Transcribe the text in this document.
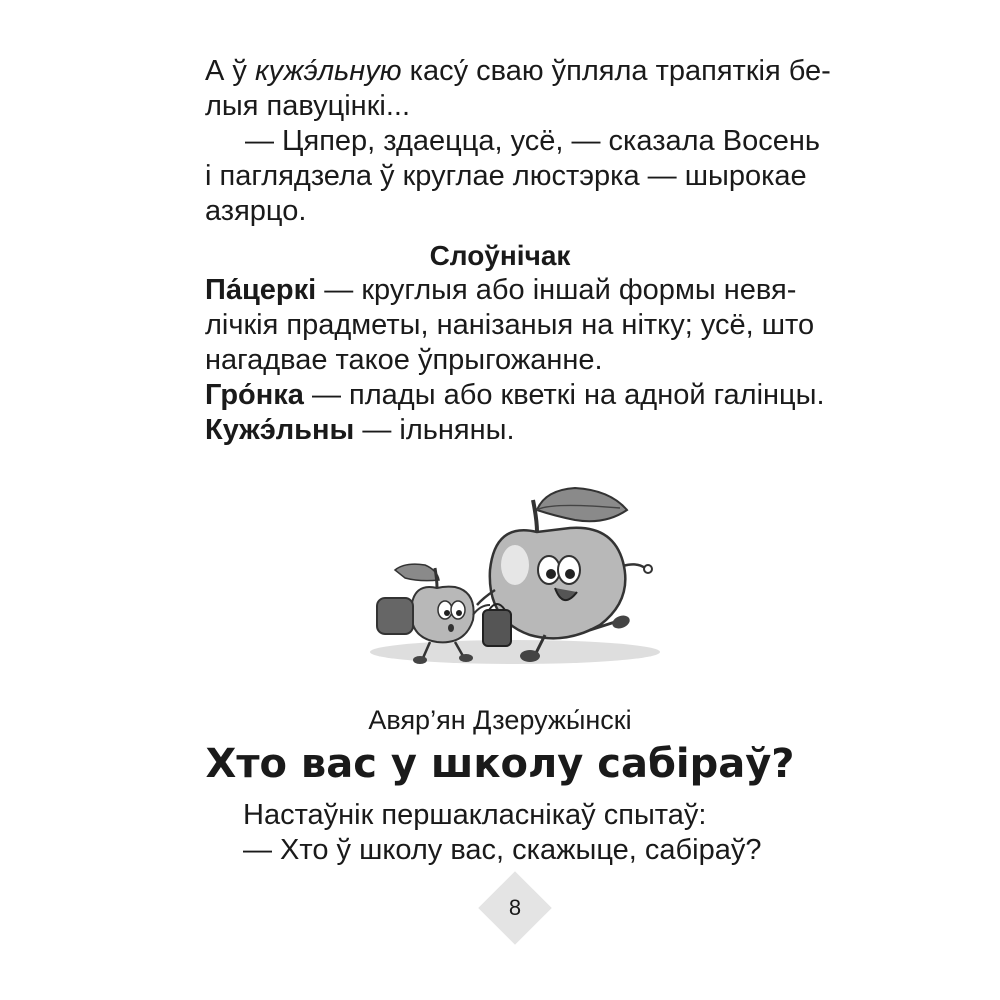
А ў кужэ́льную касу́ сваю ўпляла трапяткія бе-

лыя павуцінкі...

— Цяпер, здаецца, усё, — сказала Восень

і паглядзела ў круглае люстэрка — шырокае

азярцо.

Слоўнічак

Па́церкі — круглыя або іншай формы невя-

лічкія прадметы, нанізаныя на нітку; усё, што

нагадвае такое ўпрыгожанне.

Гро́нка — плады або кветкі на адной галінцы.

Кужэ́льны — ільняны.

Авяр’ян Дзеружы́нскі

Хто вас у школу сабіраў?

Настаўнік першакласнікаў спытаў:

— Хто ў школу вас, скажыце, сабіраў?

8
